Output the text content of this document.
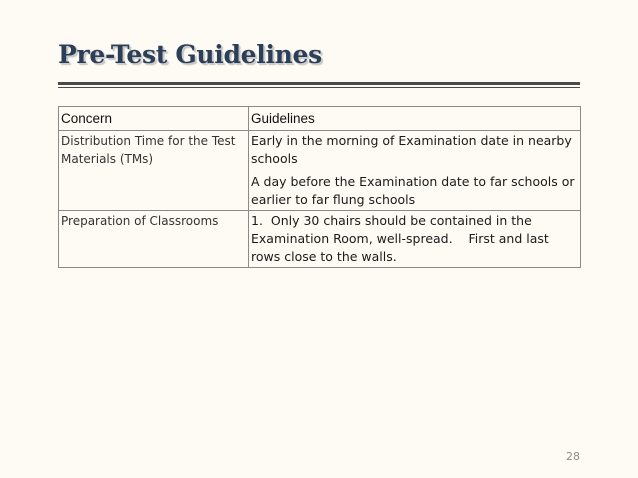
Pre-Test Guidelines
Concern	Guidelines
Distribution Time for the Test Materials (TMs)	Early in the morning of Examination date in nearby schools

A day before the Examination date to far schools or earlier to far flung schools

Preparation of Classrooms	1.  Only 30 chairs should be contained in the Examination Room, well-spread.    First and last rows close to the walls.

28
